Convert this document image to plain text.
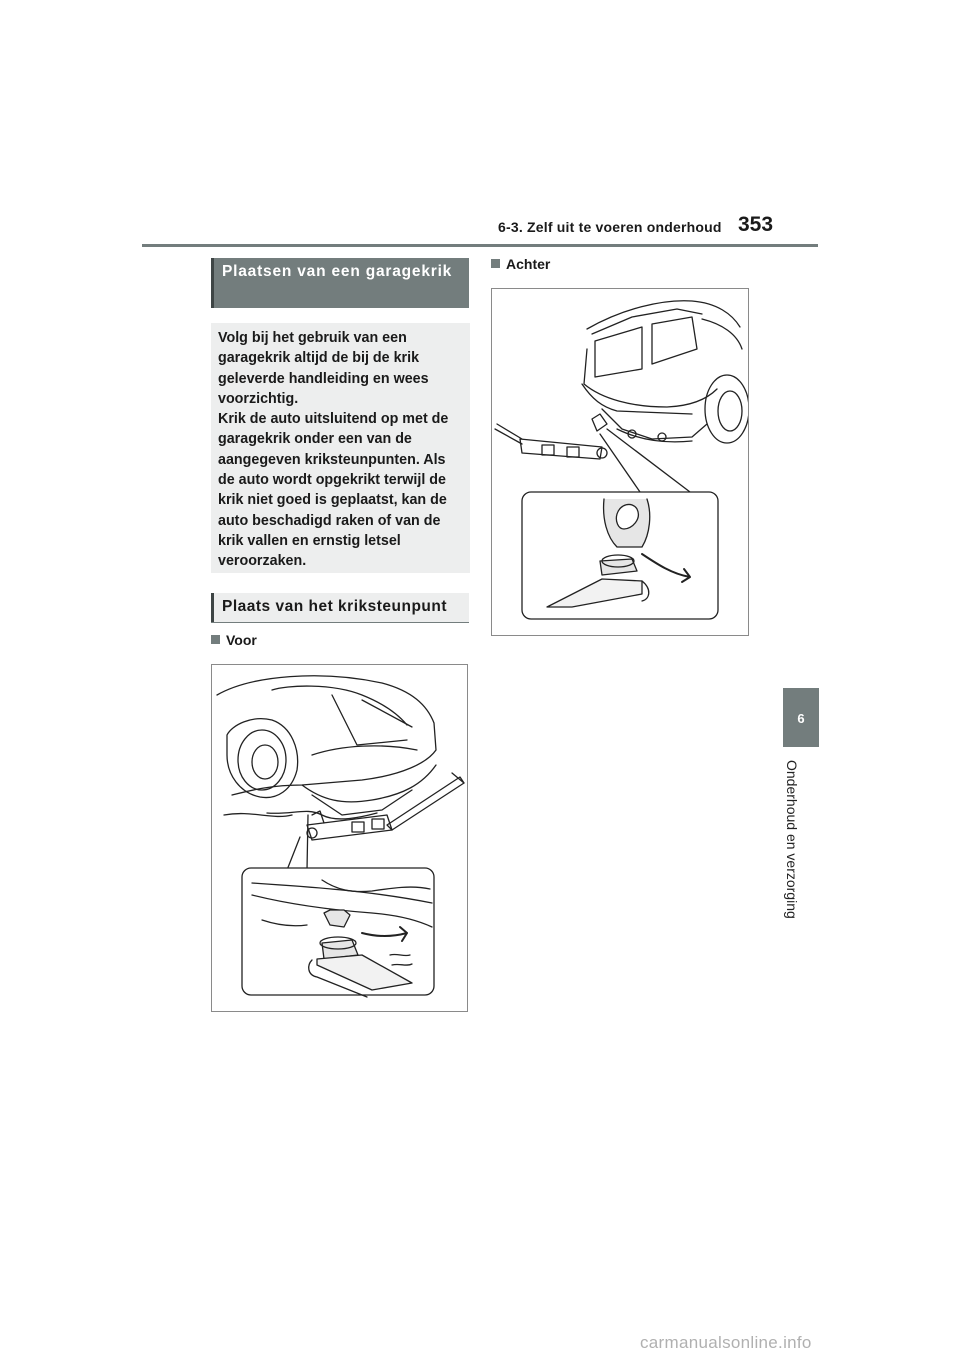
6-3. Zelf uit te voeren onderhoud 353
6
Onderhoud en verzorging
Plaatsen van een garagekrik
Volg bij het gebruik van een garagekrik altijd de bij de krik geleverde handleiding en wees voorzichtig.
Krik de auto uitsluitend op met de garagekrik onder een van de aangegeven kriksteunpunten. Als de auto wordt opgekrikt terwijl de krik niet goed is geplaatst, kan de auto beschadigd raken of van de krik vallen en ernstig letsel veroorzaken.
Plaats van het kriksteunpunt
Voor
Achter
carmanualsonline.info
